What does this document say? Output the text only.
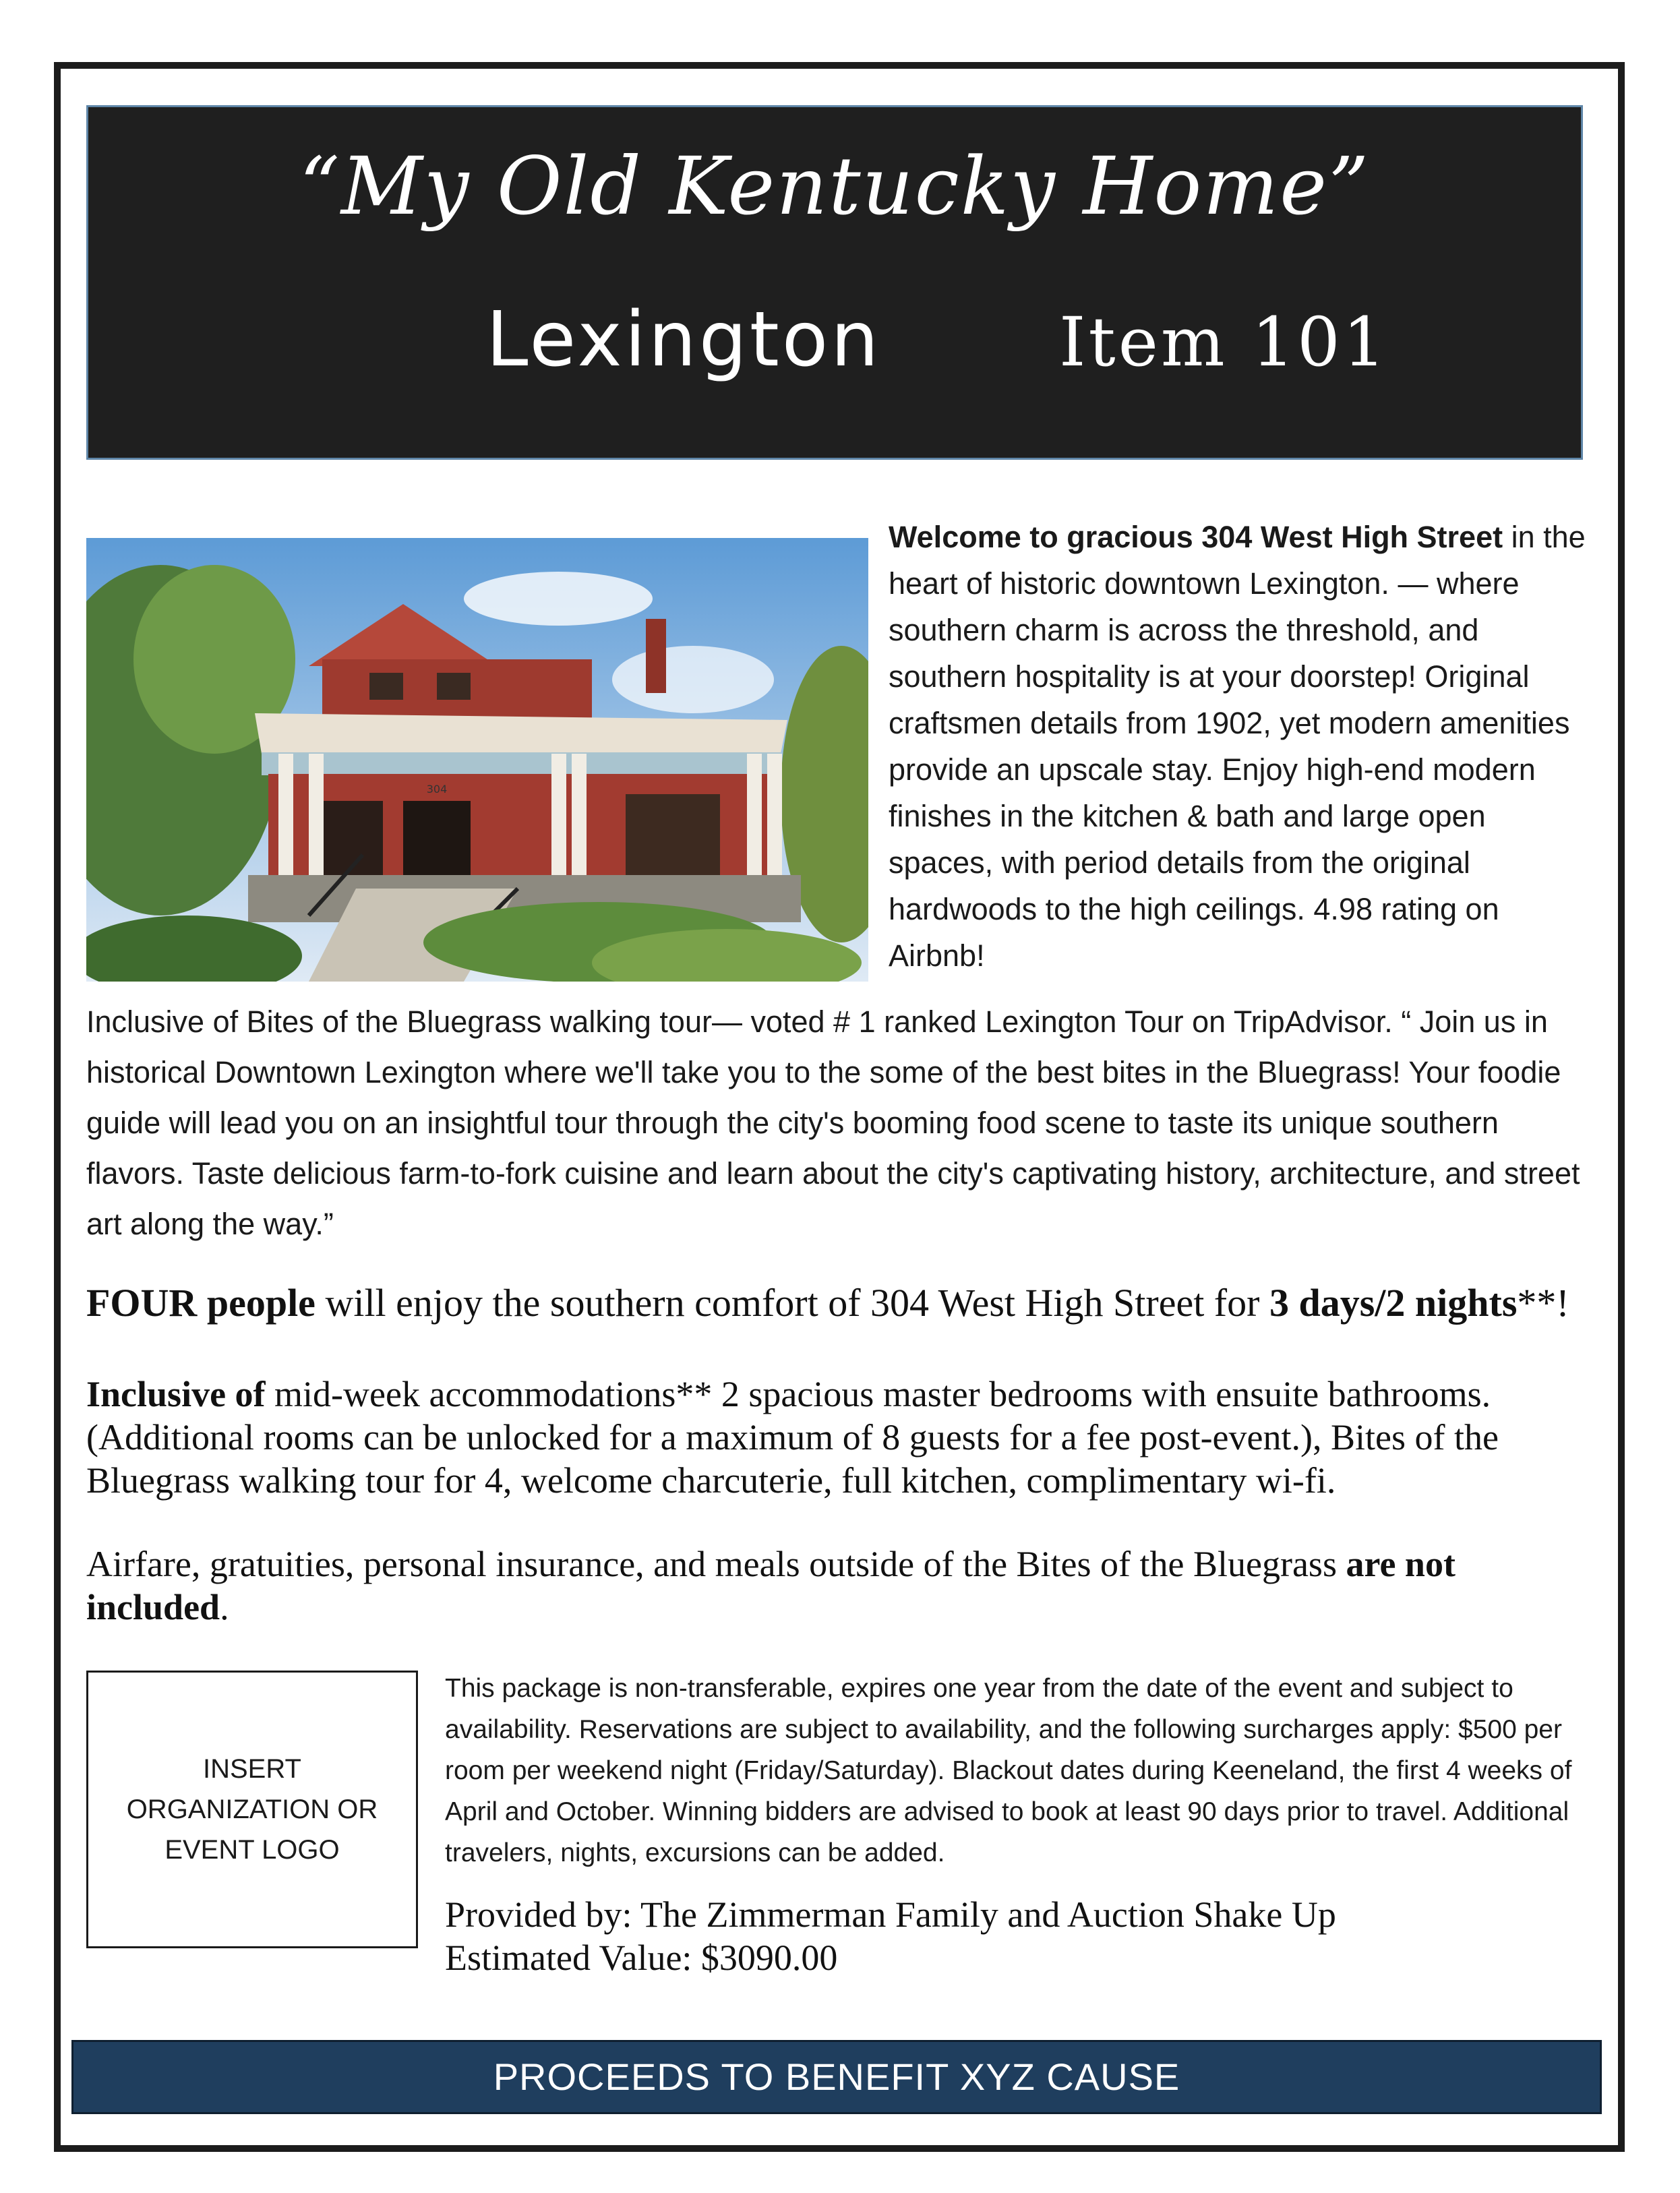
“My Old Kentucky Home”
Lexington	Item 101
304
Welcome to gracious 304 West High Street in the heart of historic downtown Lexington. — where southern charm is across the threshold, and southern hospitality is at your doorstep! Original craftsmen details from 1902, yet modern amenities provide an upscale stay. Enjoy high-end modern finishes in the kitchen & bath and large open spaces, with period details from the original hardwoods to the high ceilings. 4.98 rating on Airbnb!
Inclusive of Bites of the Bluegrass walking tour— voted # 1 ranked Lexington Tour on TripAdvisor. “ Join us in historical Downtown Lexington where we'll take you to the some of the best bites in the Bluegrass! Your foodie guide will lead you on an insightful tour through the city's booming food scene to taste its unique southern flavors. Taste delicious farm-to-fork cuisine and learn about the city's captivating history, architecture, and street art along the way.”
FOUR people will enjoy the southern comfort of 304 West High Street for 3 days/2 nights**!
Inclusive of mid-week accommodations** 2 spacious master bedrooms with ensuite bathrooms. (Additional rooms can be unlocked for a maximum of 8 guests for a fee post-event.), Bites of the Bluegrass walking tour for 4, welcome charcuterie, full kitchen, complimentary wi-fi.
Airfare, gratuities, personal insurance, and meals outside of the Bites of the Bluegrass are not included.
INSERT
ORGANIZATION OR
EVENT LOGO
This package is non-transferable, expires one year from the date of the event and subject to availability. Reservations are subject to availability, and the following surcharges apply: $500 per room per weekend night (Friday/Saturday). Blackout dates during Keeneland, the first 4 weeks of April and October. Winning bidders are advised to book at least 90 days prior to travel. Additional travelers, nights, excursions can be added.
Provided by: The Zimmerman Family and Auction Shake Up
Estimated Value: $3090.00
PROCEEDS TO BENEFIT XYZ CAUSE
